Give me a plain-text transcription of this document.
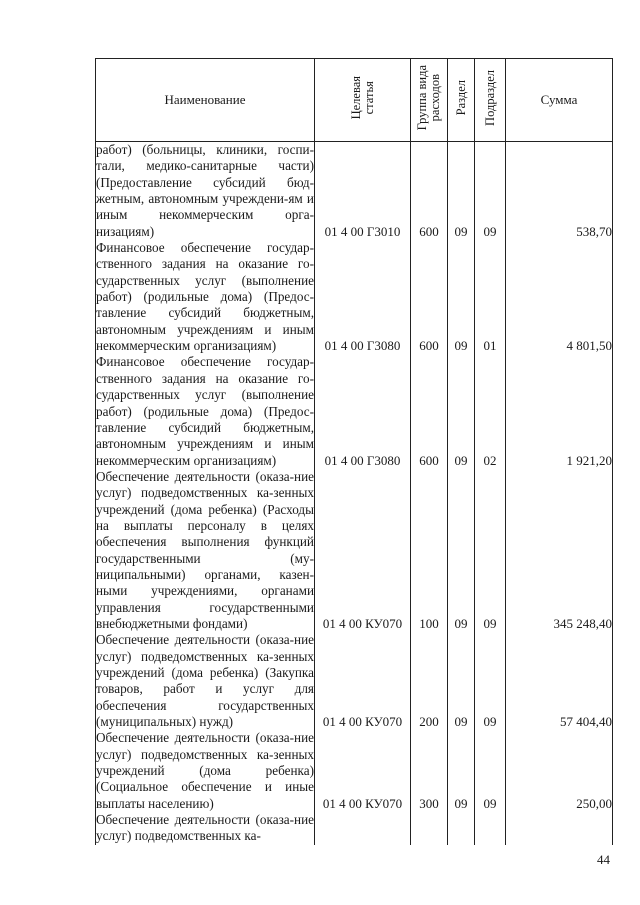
Наименование	Целевая статья	Группа вида расходов	Раздел	Подраздел	Сумма
работ) (больницы, клиники, госпи-тали, медико-санитарные части) (Предоставление субсидий бюд-жетным, автономным учреждени-ям и иным некоммерческим орга-низациям)	01 4 00 Г3010	600	09	09	538,70
Финансовое обеспечение государ-ственного задания на оказание го-сударственных услуг (выполнение работ) (родильные дома) (Предос-тавление субсидий бюджетным, автономным учреждениям и иным некоммерческим организациям)	01 4 00 Г3080	600	09	01	4 801,50
Финансовое обеспечение государ-ственного задания на оказание го-сударственных услуг (выполнение работ) (родильные дома) (Предос-тавление субсидий бюджетным, автономным учреждениям и иным некоммерческим организациям)	01 4 00 Г3080	600	09	02	1 921,20
Обеспечение деятельности (оказа-ние услуг) подведомственных ка-зенных учреждений (дома ребенка) (Расходы на выплаты персоналу в целях обеспечения выполнения функций государственными (му-ниципальными) органами, казен-ными учреждениями, органами управления государственными внебюджетными фондами)	01 4 00 КУ070	100	09	09	345 248,40
Обеспечение деятельности (оказа-ние услуг) подведомственных ка-зенных учреждений (дома ребенка) (Закупка товаров, работ и услуг для обеспечения государственных (муниципальных) нужд)	01 4 00 КУ070	200	09	09	57 404,40
Обеспечение деятельности (оказа-ние услуг) подведомственных ка-зенных учреждений (дома ребенка) (Социальное обеспечение и иные выплаты населению)	01 4 00 КУ070	300	09	09	250,00
Обеспечение деятельности (оказа-ние услуг) подведомственных ка-					
44
